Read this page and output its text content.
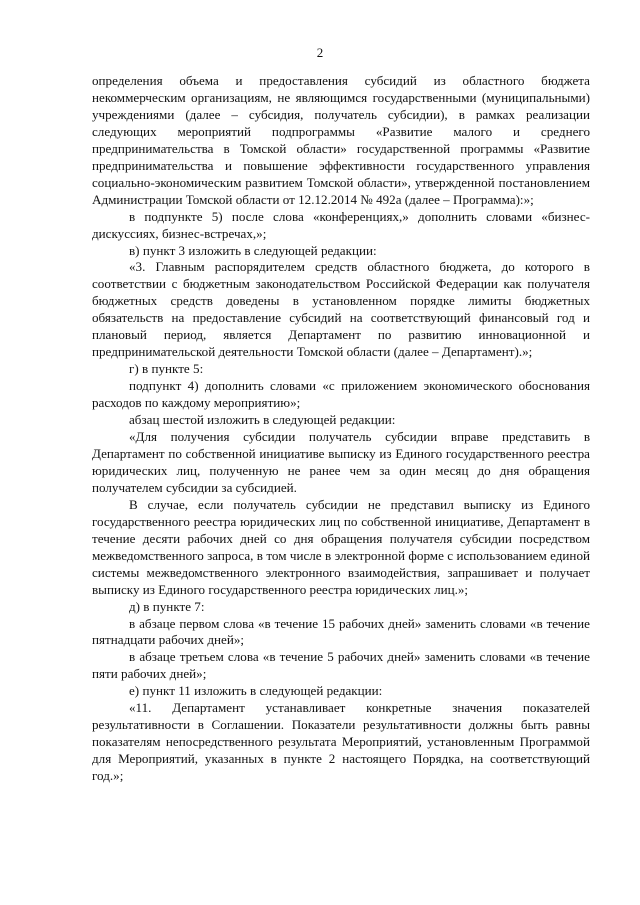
2

определения объема и предоставления субсидий из областного бюджета некоммерческим организациям, не являющимся государственными (муниципальными) учреждениями (далее – субсидия, получатель субсидии), в рамках реализации следующих мероприятий подпрограммы «Развитие малого и среднего предпринимательства в Томской области» государственной программы «Развитие предпринимательства и повышение эффективности государственного управления социально-экономическим развитием Томской области», утвержденной постановлением Администрации Томской области от 12.12.2014 № 492а (далее – Программа):»;

в подпункте 5) после слова «конференциях,» дополнить словами «бизнес-дискуссиях, бизнес-встречах,»;

в) пункт 3 изложить в следующей редакции:

«3. Главным распорядителем средств областного бюджета, до которого в соответствии с бюджетным законодательством Российской Федерации как получателя бюджетных средств доведены в установленном порядке лимиты бюджетных обязательств на предоставление субсидий на соответствующий финансовый год и плановый период, является Департамент по развитию инновационной и предпринимательской деятельности Томской области (далее – Департамент).»;

г) в пункте 5:

подпункт 4) дополнить словами «с приложением экономического обоснования расходов по каждому мероприятию»;

абзац шестой изложить в следующей редакции:

«Для получения субсидии получатель субсидии вправе представить в Департамент по собственной инициативе выписку из Единого государственного реестра юридических лиц, полученную не ранее чем за один месяц до дня обращения получателем субсидии за субсидией.

В случае, если получатель субсидии не представил выписку из Единого государственного реестра юридических лиц по собственной инициативе, Департамент в течение десяти рабочих дней со дня обращения получателя субсидии посредством межведомственного запроса, в том числе в электронной форме с использованием единой системы межведомственного электронного взаимодействия, запрашивает и получает выписку из Единого государственного реестра юридических лиц.»;

д) в пункте 7:

в абзаце первом слова «в течение 15 рабочих дней» заменить словами «в течение пятнадцати рабочих дней»;

в абзаце третьем слова «в течение 5 рабочих дней» заменить словами «в течение пяти рабочих дней»;

е) пункт 11 изложить в следующей редакции:

«11. Департамент устанавливает конкретные значения показателей результативности в Соглашении. Показатели результативности должны быть равны показателям непосредственного результата Мероприятий, установленным Программой для Мероприятий, указанных в пункте 2 настоящего Порядка, на соответствующий год.»;
